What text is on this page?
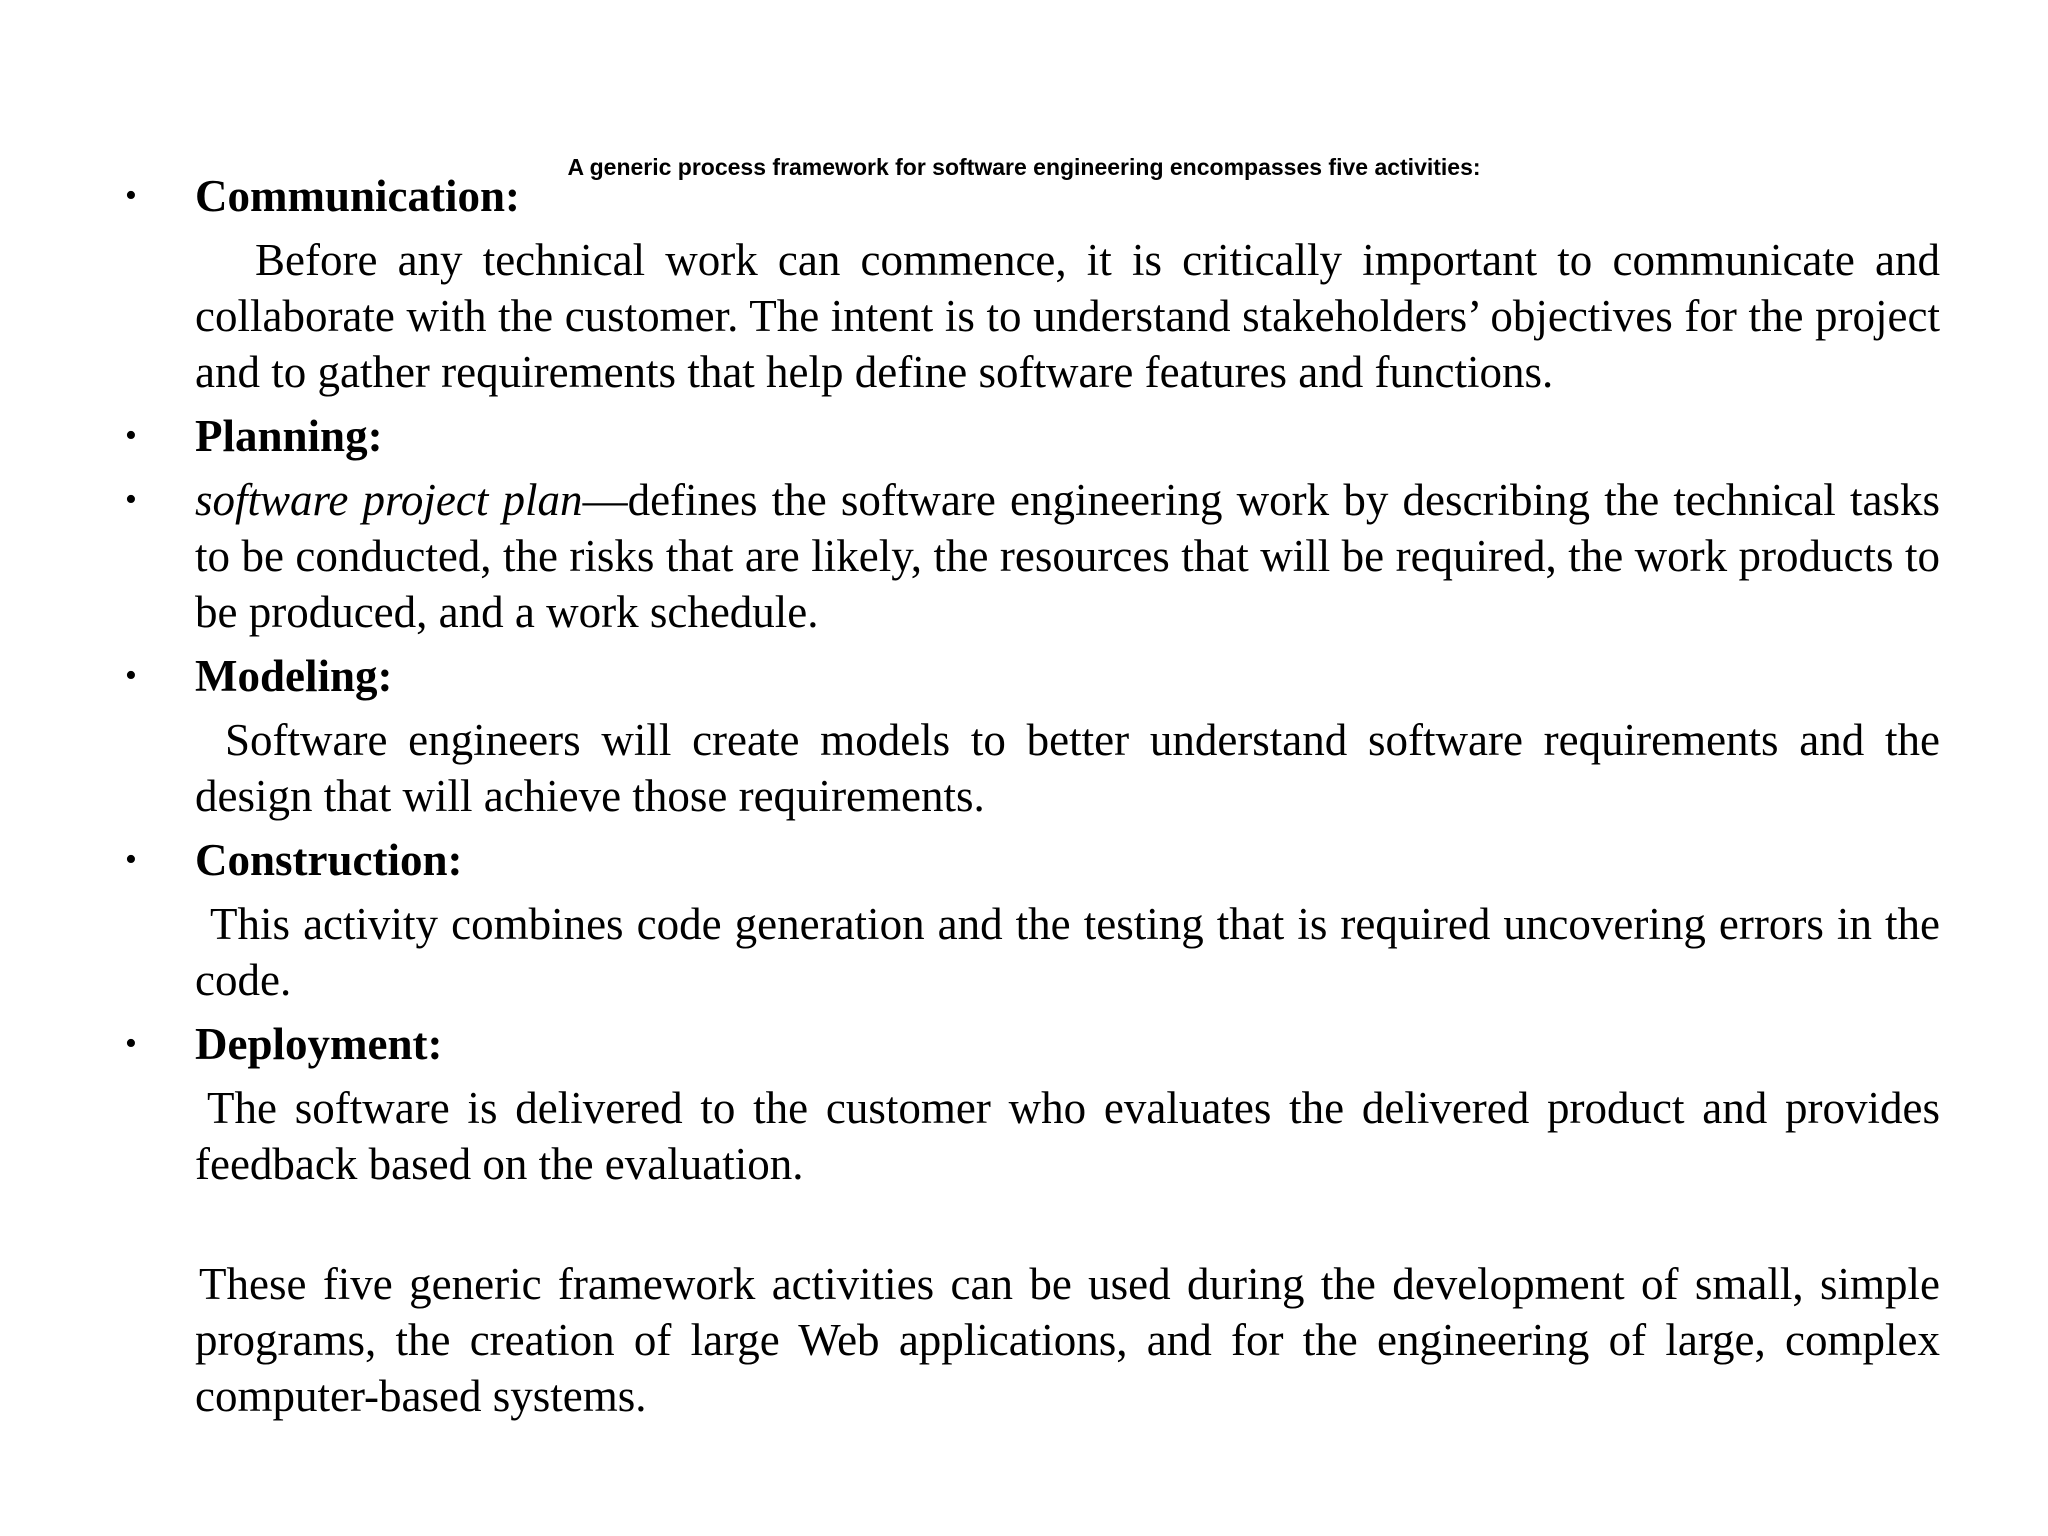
A generic process framework for software engineering encompasses five activities:
• Communication:

Before any technical work can commence, it is critically important to communicate and collaborate with the customer. The intent is to understand stakeholders’ objectives for the project and to gather requirements that help define software features and functions.

• Planning:
• software project plan—defines the software engineering work by describing the technical tasks to be conducted, the risks that are likely, the resources that will be required, the work products to be produced, and a work schedule.
• Modeling:

Software engineers will create models to better understand software requirements and the design that will achieve those requirements.

• Construction:

This activity combines code generation and the testing that is required uncovering errors in the code.

• Deployment:

The software is delivered to the customer who evaluates the delivered product and provides feedback based on the evaluation.

These five generic framework activities can be used during the development of small, simple programs, the creation of large Web applications, and for the engineering of large, complex computer-based systems.
